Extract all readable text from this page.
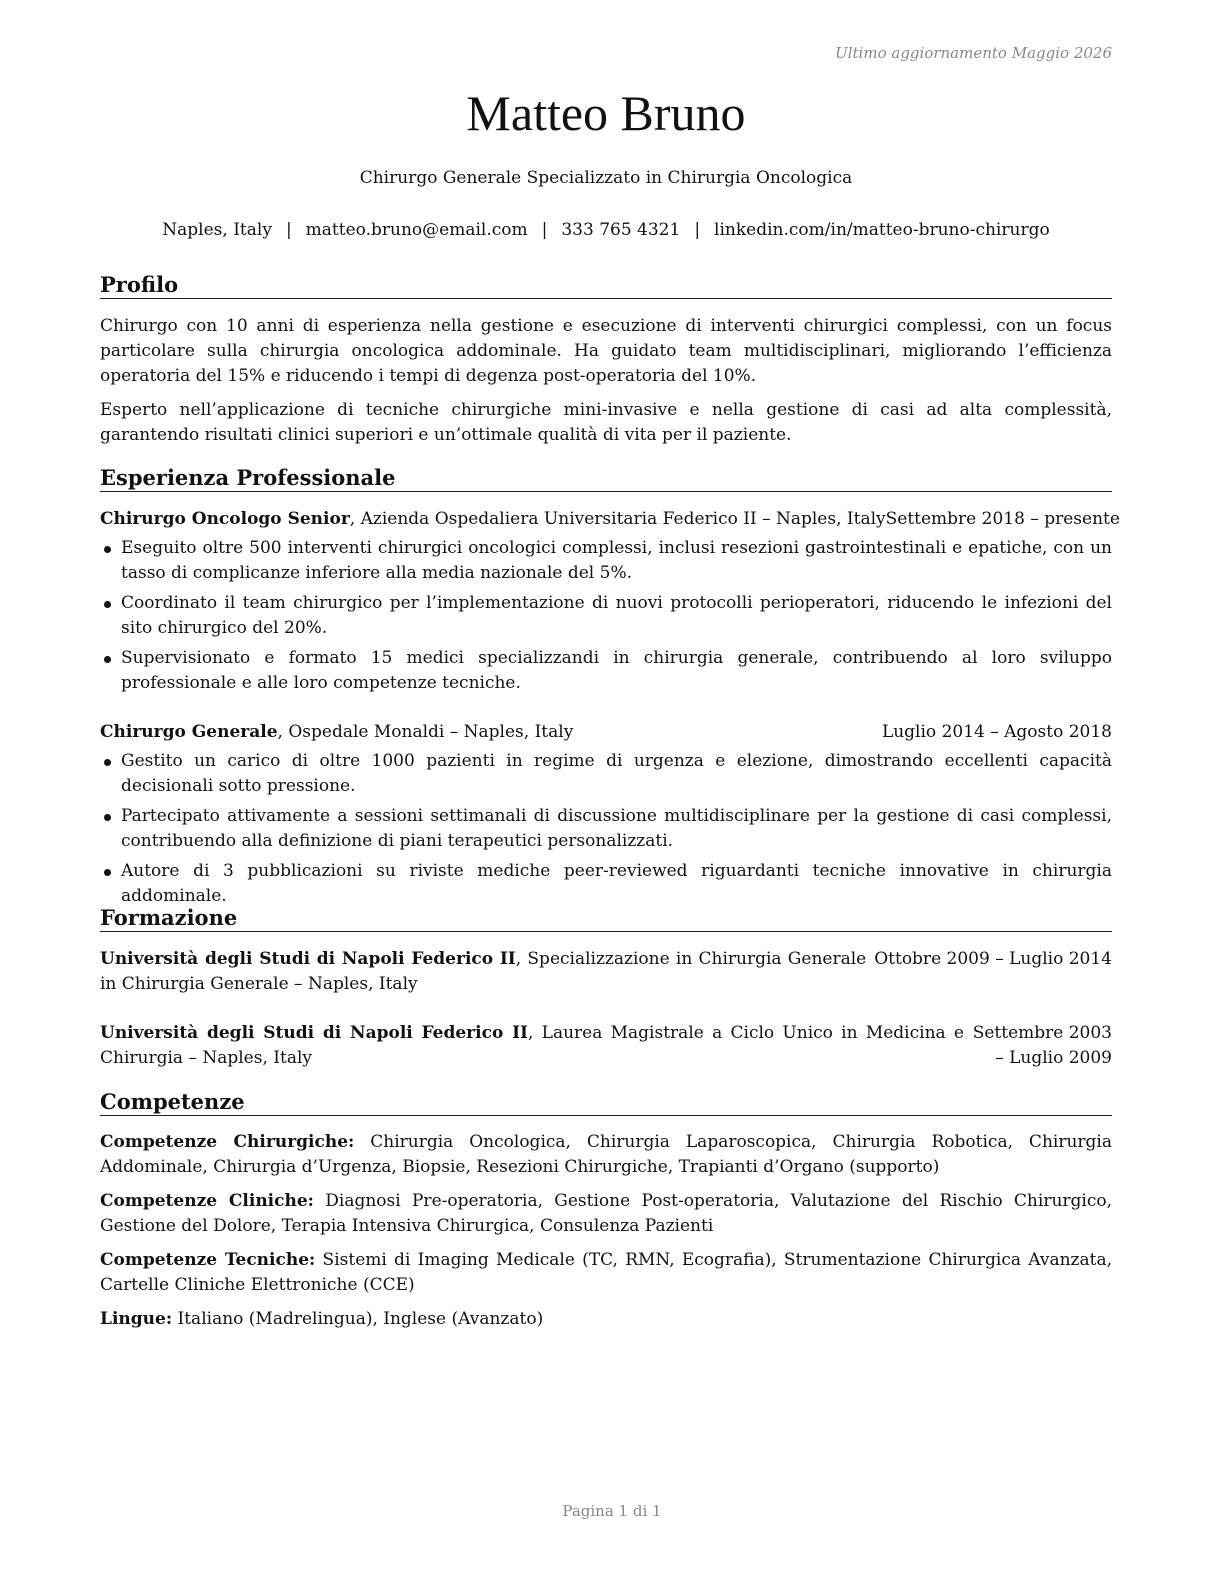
Ultimo aggiornamento Maggio 2026
Matteo Bruno
Chirurgo Generale Specializzato in Chirurgia Oncologica
Naples, Italy | matteo.bruno@email.com | 333 765 4321 | linkedin.com/in/matteo-bruno-chirurgo
Profilo

Chirurgo con 10 anni di esperienza nella gestione e esecuzione di interventi chirurgici complessi, con un focus particolare sulla chirurgia oncologica addominale. Ha guidato team multidisciplinari, migliorando l’efficienza operatoria del 15% e riducendo i tempi di degenza post-operatoria del 10%.

Esperto nell’applicazione di tecniche chirurgiche mini-invasive e nella gestione di casi ad alta complessità, garantendo risultati clinici superiori e un’ottimale qualità di vita per il paziente.

Esperienza Professionale
Chirurgo Oncologo Senior, Azienda Ospedaliera Universitaria Federico II – Naples, Italy Settembre 2018 – presente
Eseguito oltre 500 interventi chirurgici oncologici complessi, inclusi resezioni gastrointestinali e epatiche, con un tasso di complicanze inferiore alla media nazionale del 5%.
Coordinato il team chirurgico per l’implementazione di nuovi protocolli perioperatori, riducendo le infezioni del sito chirurgico del 20%.
Supervisionato e formato 15 medici specializzandi in chirurgia generale, contribuendo al loro sviluppo professionale e alle loro competenze tecniche.
Chirurgo Generale, Ospedale Monaldi – Naples, Italy	Luglio 2014 – Agosto 2018
Gestito un carico di oltre 1000 pazienti in regime di urgenza e elezione, dimostrando eccellenti capacità decisionali sotto pressione.
Partecipato attivamente a sessioni settimanali di discussione multidisciplinare per la gestione di casi complessi, contribuendo alla definizione di piani terapeutici personalizzati.
Autore di 3 pubblicazioni su riviste mediche peer-reviewed riguardanti tecniche innovative in chirurgia addominale.
Formazione
Università degli Studi di Napoli Federico II, Specializzazione in Chirurgia Generale in Chirurgia Generale – Naples, Italy
Ottobre 2009 – Luglio 2014
Università degli Studi di Napoli Federico II, Laurea Magistrale a Ciclo Unico in Medicina e Chirurgia – Naples, Italy
Settembre 2003 – Luglio 2009
Competenze

Competenze Chirurgiche: Chirurgia Oncologica, Chirurgia Laparoscopica, Chirurgia Robotica, Chirurgia Addominale, Chirurgia d’Urgenza, Biopsie, Resezioni Chirurgiche, Trapianti d’Organo (supporto)

Competenze Cliniche: Diagnosi Pre-operatoria, Gestione Post-operatoria, Valutazione del Rischio Chirurgico, Gestione del Dolore, Terapia Intensiva Chirurgica, Consulenza Pazienti

Competenze Tecniche: Sistemi di Imaging Medicale (TC, RMN, Ecografia), Strumentazione Chirurgica Avanzata, Cartelle Cliniche Elettroniche (CCE)

Lingue: Italiano (Madrelingua), Inglese (Avanzato)

Pagina 1 di 1
